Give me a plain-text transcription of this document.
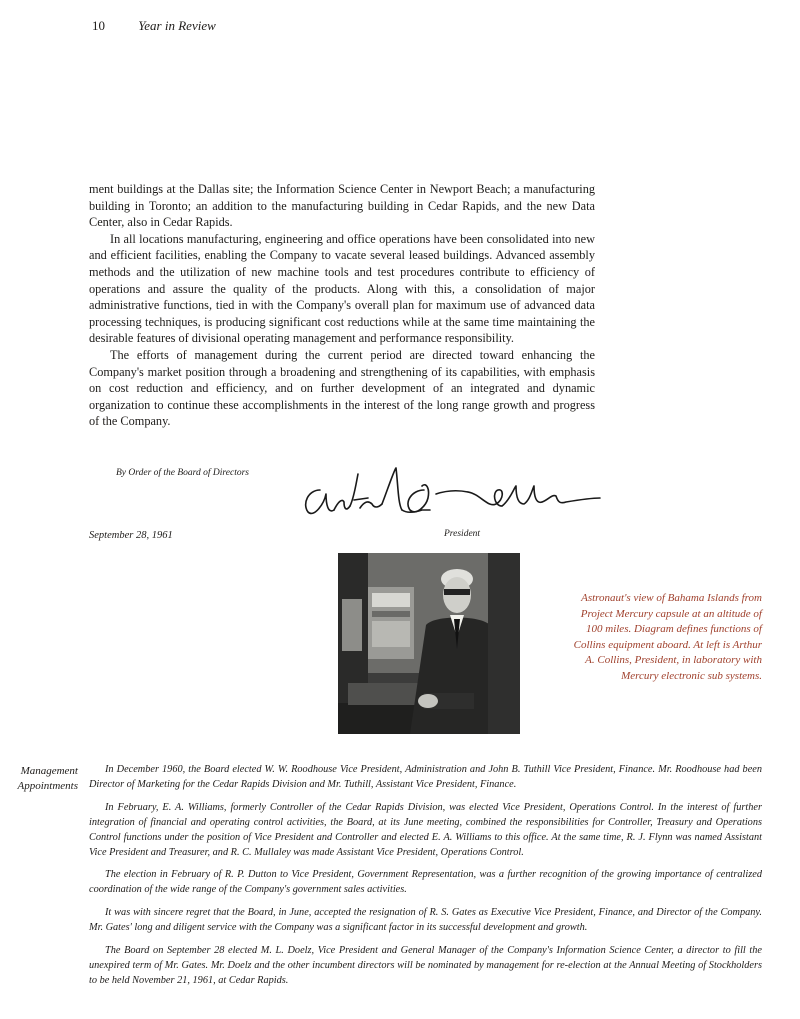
10	Year in Review

ment buildings at the Dallas site; the Information Science Center in Newport Beach; a manufacturing building in Toronto; an addition to the manufacturing building in Cedar Rapids, and the new Data Center, also in Cedar Rapids.

In all locations manufacturing, engineering and office operations have been consolidated into new and efficient facilities, enabling the Company to vacate several leased buildings. Advanced assembly methods and the utilization of new machine tools and test procedures contribute to efficiency of operations and assure the quality of the products. Along with this, a consolidation of major administrative functions, tied in with the Company's overall plan for maximum use of advanced data processing techniques, is producing significant cost reductions while at the same time maintaining the desirable features of divisional operating management and performance responsibility.

The efforts of management during the current period are directed toward enhancing the Company's market position through a broadening and strengthening of its capabilities, with emphasis on cost reduction and efficiency, and on further development of an integrated and dynamic organization to continue these accomplishments in the interest of the long range growth and progress of the Company.

By Order of the Board of Directors
September 28, 1961	President
Astronaut's view of Bahama Islands from Project Mercury capsule at an altitude of 100 miles. Diagram defines functions of Collins equipment aboard. At left is Arthur A. Collins, President, in laboratory with Mercury electronic sub systems.
Management
Appointments

In December 1960, the Board elected W. W. Roodhouse Vice President, Administration and John B. Tuthill Vice President, Finance. Mr. Roodhouse had been Director of Marketing for the Cedar Rapids Division and Mr. Tuthill, Assistant Vice President, Finance.

In February, E. A. Williams, formerly Controller of the Cedar Rapids Division, was elected Vice President, Operations Control. In the interest of further integration of financial and operating control activities, the Board, at its June meeting, combined the responsibilities for Controller, Treasury and Operations Control functions under the position of Vice President and Controller and elected E. A. Williams to this office. At the same time, R. J. Flynn was named Assistant Vice President and Treasurer, and R. C. Mullaley was made Assistant Vice President, Operations Control.

The election in February of R. P. Dutton to Vice President, Government Representation, was a further recognition of the growing importance of centralized coordination of the wide range of the Company's government sales activities.

It was with sincere regret that the Board, in June, accepted the resignation of R. S. Gates as Executive Vice President, Finance, and Director of the Company. Mr. Gates' long and diligent service with the Company was a significant factor in its successful development and growth.

The Board on September 28 elected M. L. Doelz, Vice President and General Manager of the Company's Information Science Center, a director to fill the unexpired term of Mr. Gates. Mr. Doelz and the other incumbent directors will be nominated by management for re-election at the Annual Meeting of Stockholders to be held November 21, 1961, at Cedar Rapids.
